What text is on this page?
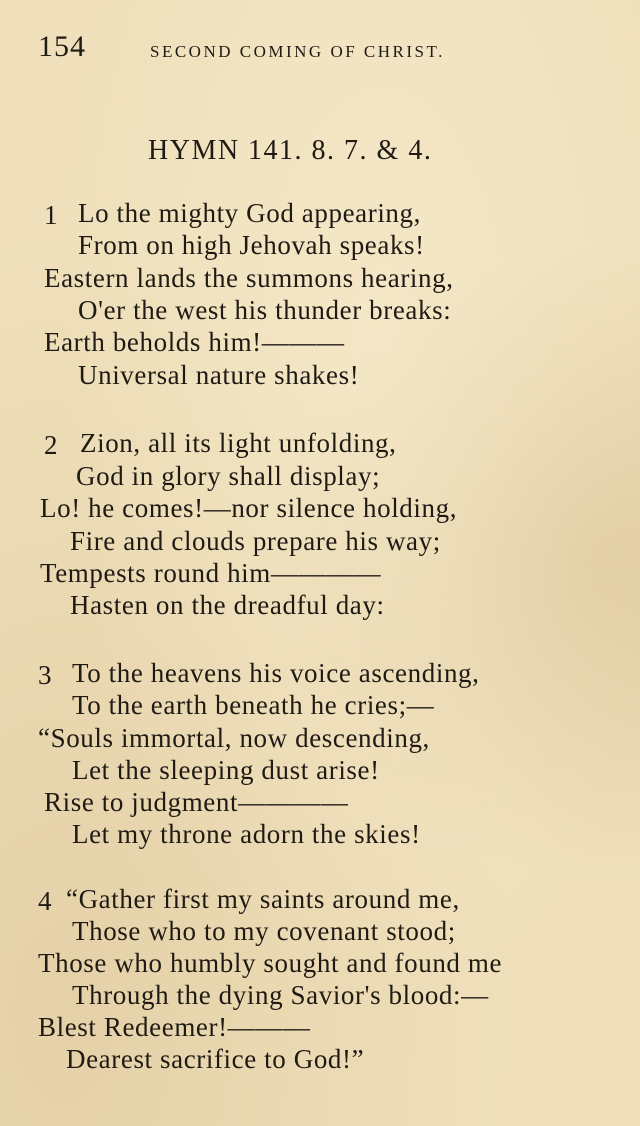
154	SECOND COMING OF CHRIST.
HYMN 141. 8. 7. & 4.
1 Lo the mighty God appearing,
From on high Jehovah speaks!
Eastern lands the summons hearing,
O'er the west his thunder breaks:
Earth beholds him!———
Universal nature shakes!
2 Zion, all its light unfolding,
God in glory shall display;
Lo! he comes!—nor silence holding,
Fire and clouds prepare his way;
Tempests round him————
Hasten on the dreadful day:
3 To the heavens his voice ascending,
To the earth beneath he cries;—
“Souls immortal, now descending,
Let the sleeping dust arise!
Rise to judgment————
Let my throne adorn the skies!
4 “Gather first my saints around me,
Those who to my covenant stood;
Those who humbly sought and found me
Through the dying Savior's blood:—
Blest Redeemer!———
Dearest sacrifice to God!”
